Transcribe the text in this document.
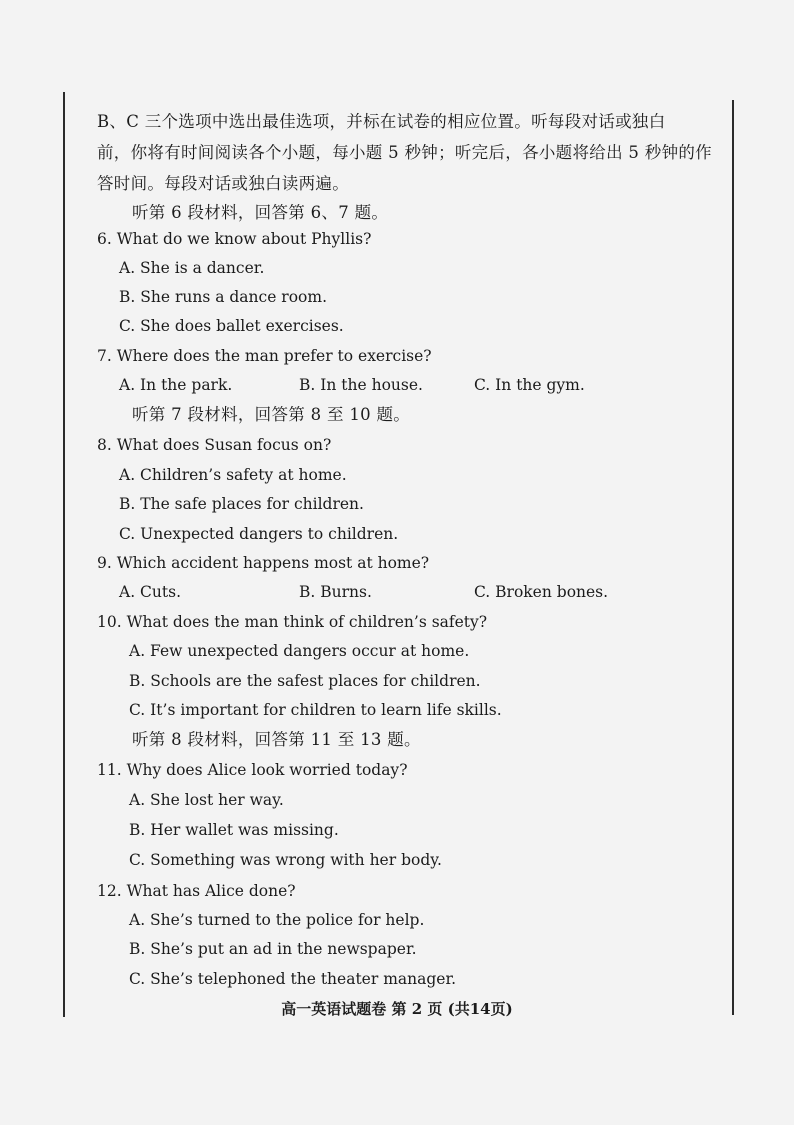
B、C 三个选项中选出最佳选项，并标在试卷的相应位置。听每段对话或独白
前，你将有时间阅读各个小题，每小题 5 秒钟；听完后，各小题将给出 5 秒钟的作
答时间。每段对话或独白读两遍。
听第 6 段材料，回答第 6、7 题。
6. What do we know about Phyllis?
A. She is a dancer.
B. She runs a dance room.
C. She does ballet exercises.
7. Where does the man prefer to exercise?
A. In the park.	B. In the house.	C. In the gym.
听第 7 段材料，回答第 8 至 10 题。
8. What does Susan focus on?
A. Children’s safety at home.
B. The safe places for children.
C. Unexpected dangers to children.
9. Which accident happens most at home?
A. Cuts.	B. Burns.	C. Broken bones.
10. What does the man think of children’s safety?
A. Few unexpected dangers occur at home.
B. Schools are the safest places for children.
C. It’s important for children to learn life skills.
听第 8 段材料，回答第 11 至 13 题。
11. Why does Alice look worried today?
A. She lost her way.
B. Her wallet was missing.
C. Something was wrong with her body.
12. What has Alice done?
A. She’s turned to the police for help.
B. She’s put an ad in the newspaper.
C. She’s telephoned the theater manager.
高一英语试题卷 第 2 页 (共14页)
